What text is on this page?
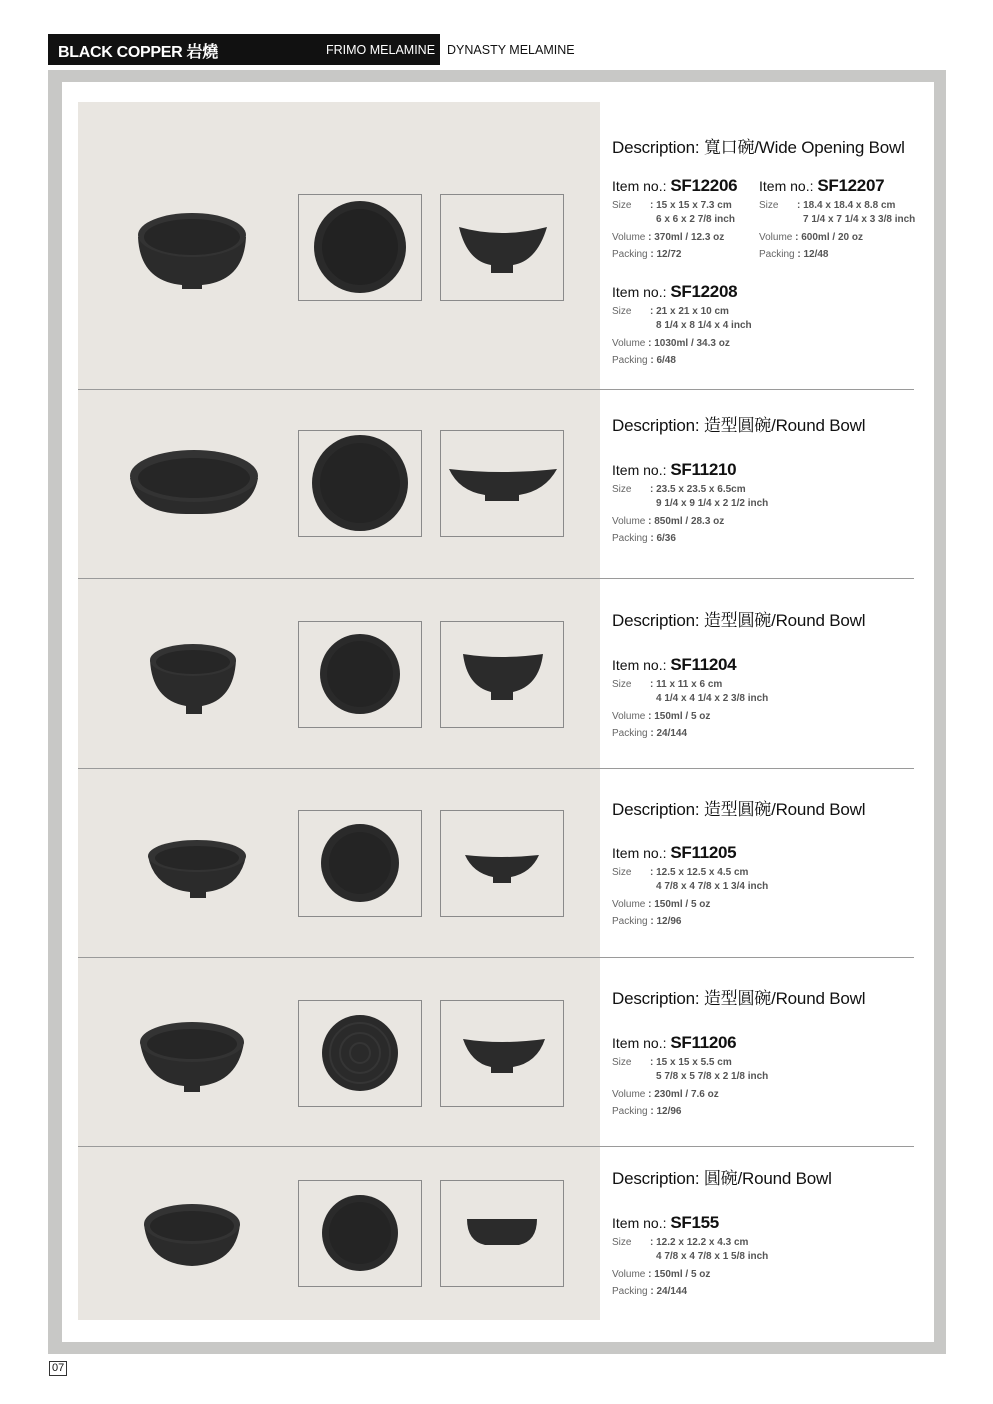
BLACK COPPER 岩燒	FRIMO MELAMINE DYNASTY MELAMINE
Description: 寬口碗/Wide Opening Bowl
Item no.: SF12206
Size : 15 x 15 x 7.3 cm
6 x 6 x 2 7/8 inch
Volume : 370ml / 12.3 oz
Packing : 12/72
Item no.: SF12207
Size : 18.4 x 18.4 x 8.8 cm
7 1/4 x 7 1/4 x 3 3/8 inch
Volume : 600ml / 20 oz
Packing : 12/48
Item no.: SF12208
Size : 21 x 21 x 10 cm
8 1/4 x 8 1/4 x 4 inch
Volume : 1030ml / 34.3 oz
Packing : 6/48
Description: 造型圓碗/Round Bowl
Item no.: SF11210
Size : 23.5 x 23.5 x 6.5cm
9 1/4 x 9 1/4 x 2 1/2 inch
Volume : 850ml / 28.3 oz
Packing : 6/36
Description: 造型圓碗/Round Bowl
Item no.: SF11204
Size : 11 x 11 x 6 cm
4 1/4 x 4 1/4 x 2 3/8 inch
Volume : 150ml / 5 oz
Packing : 24/144
Description: 造型圓碗/Round Bowl
Item no.: SF11205
Size : 12.5 x 12.5 x 4.5 cm
4 7/8 x 4 7/8 x 1 3/4 inch
Volume : 150ml / 5 oz
Packing : 12/96
Description: 造型圓碗/Round Bowl
Item no.: SF11206
Size : 15 x 15 x 5.5 cm
5 7/8 x 5 7/8 x 2 1/8 inch
Volume : 230ml / 7.6 oz
Packing : 12/96
Description: 圓碗/Round Bowl
Item no.: SF155
Size : 12.2 x 12.2 x 4.3 cm
4 7/8 x 4 7/8 x 1 5/8 inch
Volume : 150ml / 5 oz
Packing : 24/144
07
